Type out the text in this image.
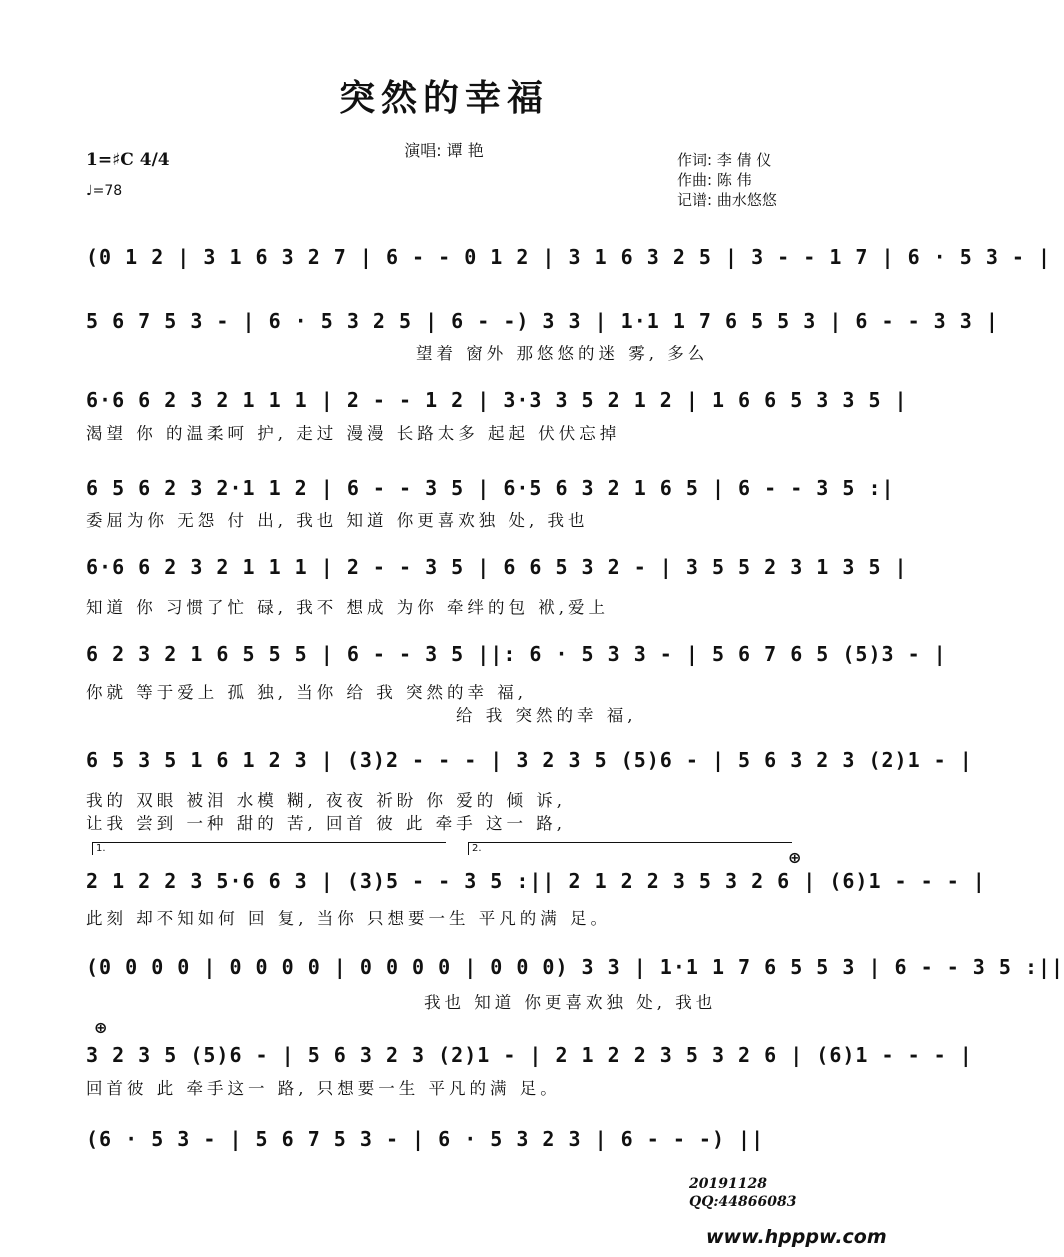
突然的幸福
演唱: 谭 艳
1=♯C 4/4
♩=78
作词: 李 倩 仪
作曲: 陈 伟
记谱: 曲水悠悠
(0 1 2 | 3 1 6 3 2 7 | 6 - - 0 1 2 | 3 1 6 3 2 5 | 3 - - 1 7 | 6 · 5 3 - |
5 6 7 5 3 - | 6 · 5 3 2 5 | 6 - -) 3 3 | 1·1 1 7 6 5 5 3 | 6 - - 3 3 |
望着 窗外 那悠悠的迷 雾, 多么
6·6 6 2 3 2 1 1 1 | 2 - - 1 2 | 3·3 3 5 2 1 2 | 1 6 6 5 3 3 5 |
渴望 你 的温柔呵 护, 走过 漫漫 长路太多 起起 伏伏忘掉
6 5 6 2 3 2·1 1 2 | 6 - - 3 5 | 6·5 6 3 2 1 6 5 | 6 - - 3 5 :|
委屈为你 无怨 付 出, 我也 知道 你更喜欢独 处, 我也
6·6 6 2 3 2 1 1 1 | 2 - - 3 5 | 6 6 5 3 2 - | 3 5 5 2 3 1 3 5 |
知道 你 习惯了忙 碌, 我不 想成 为你 牵绊的包 袱,爱上
6 2 3 2 1 6 5 5 5 | 6 - - 3 5 ||: 6 · 5 3 3 - | 5 6 7 6 5 (5)3 - |
你就 等于爱上 孤 独, 当你 给 我 突然的幸 福,
给 我 突然的幸 福,
6 5 3 5 1 6 1 2 3 | (3)2 - - - | 3 2 3 5 (5)6 - | 5 6 3 2 3 (2)1 - |
我的 双眼 被泪 水模 糊, 夜夜 祈盼 你 爱的 倾 诉,
让我 尝到 一种 甜的 苦, 回首 彼 此 牵手 这一 路,
1.	2.	⊕
2 1 2 2 3 5·6 6 3 | (3)5 - - 3 5 :|| 2 1 2 2 3 5 3 2 6 | (6)1 - - - |
此刻 却不知如何 回 复, 当你 只想要一生 平凡的满 足。
(0 0 0 0 | 0 0 0 0 | 0 0 0 0 | 0 0 0) 3 3 | 1·1 1 7 6 5 5 3 | 6 - - 3 5 :||
我也 知道 你更喜欢独 处, 我也
⊕
3 2 3 5 (5)6 - | 5 6 3 2 3 (2)1 - | 2 1 2 2 3 5 3 2 6 | (6)1 - - - |
回首彼 此 牵手这一 路, 只想要一生 平凡的满 足。
(6 · 5 3 - | 5 6 7 5 3 - | 6 · 5 3 2 3 | 6 - - -) ||
20191128
QQ:44866083
www.hpppw.com
